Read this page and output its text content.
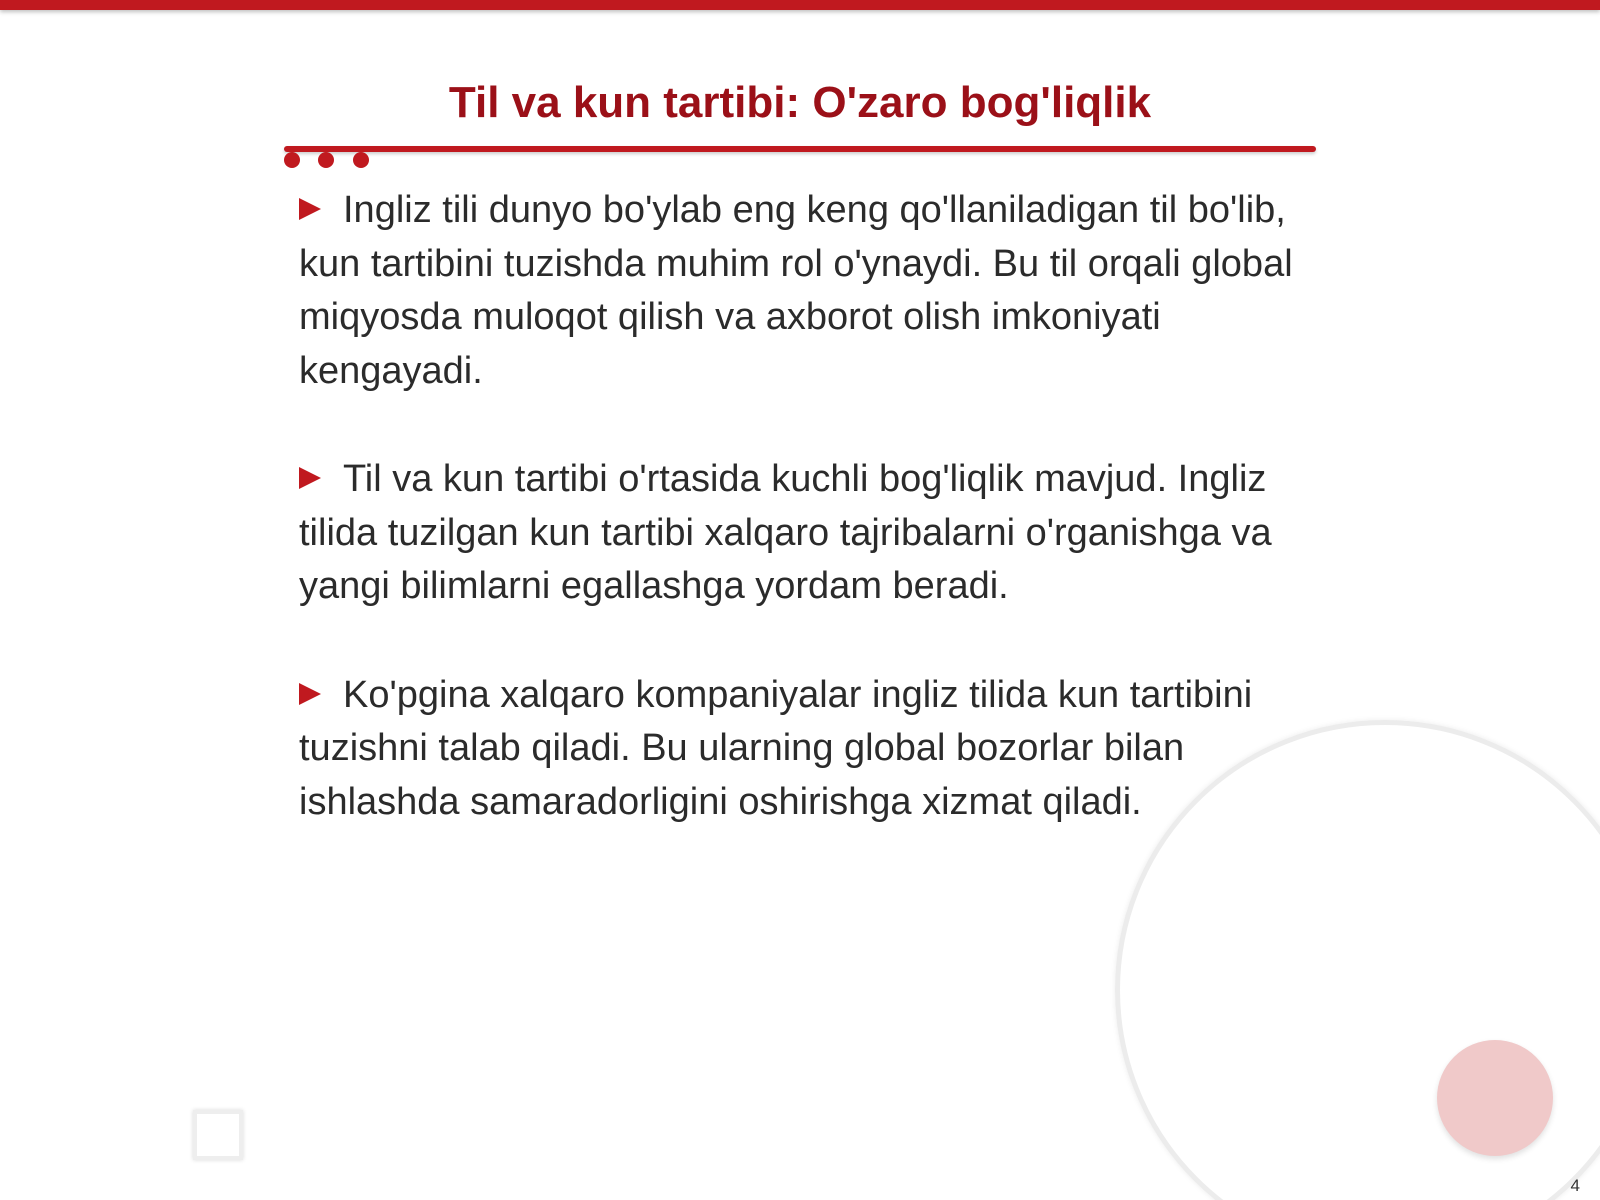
Til va kun tartibi: O'zaro bog'liqlik

Ingliz tili dunyo bo'ylab eng keng qo'llaniladigan til bo'lib, kun tartibini tuzishda muhim rol o'ynaydi. Bu til orqali global miqyosda muloqot qilish va axborot olish imkoniyati kengayadi.

Til va kun tartibi o'rtasida kuchli bog'liqlik mavjud. Ingliz tilida tuzilgan kun tartibi xalqaro tajribalarni o'rganishga va yangi bilimlarni egallashga yordam beradi.

Ko'pgina xalqaro kompaniyalar ingliz tilida kun tartibini tuzishni talab qiladi. Bu ularning global bozorlar bilan ishlashda samaradorligini oshirishga xizmat qiladi.

4
